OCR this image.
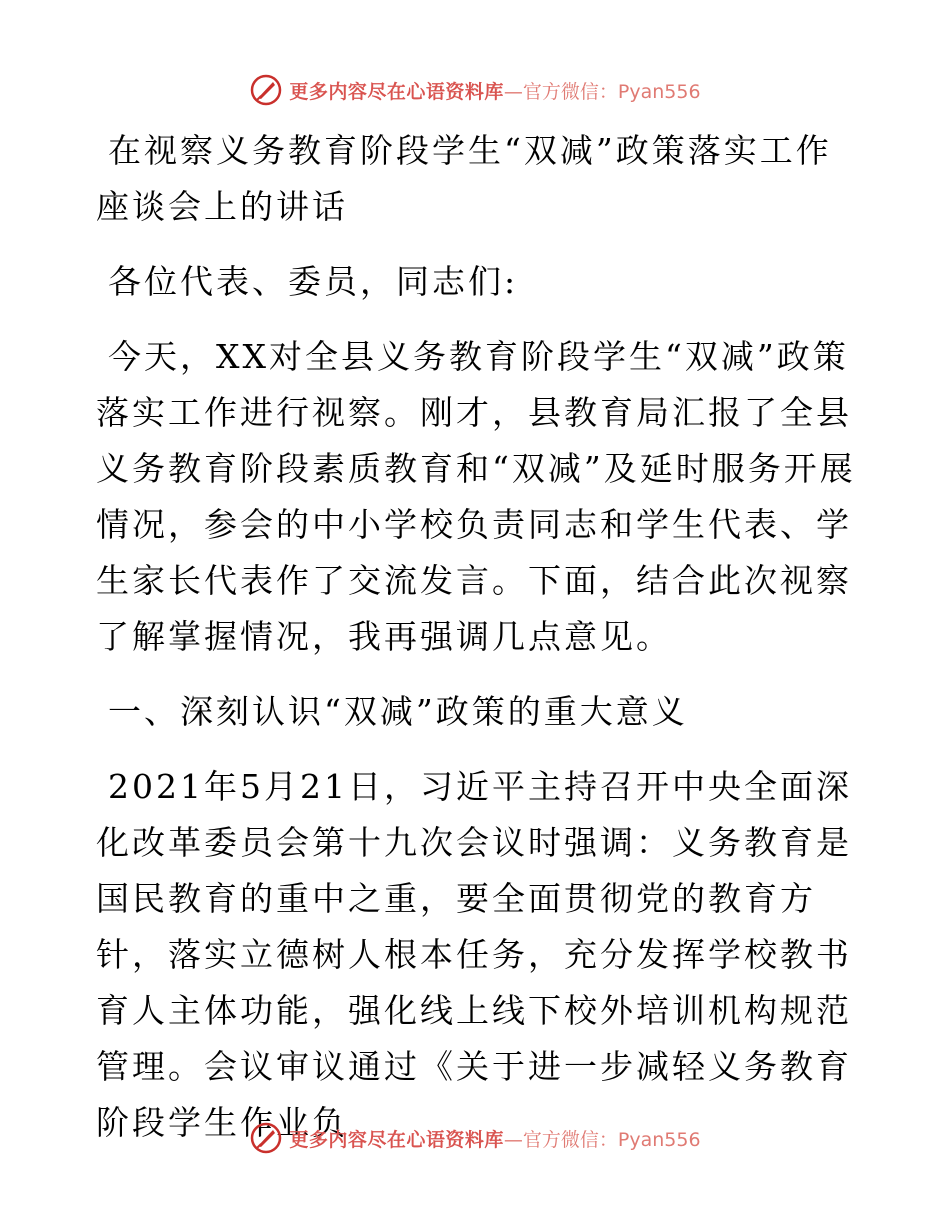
更多内容尽在心语资料库 —官方微信：Pyan556

在视察义务教育阶段学生“双减”政策落实工作座谈会上的讲话

各位代表、委员，同志们:

今天，XX对全县义务教育阶段学生“双减”政策落实工作进行视察。刚才，县教育局汇报了全县义务教育阶段素质教育和“双减”及延时服务开展情况，参会的中小学校负责同志和学生代表、学生家长代表作了交流发言。下面，结合此次视察了解掌握情况，我再强调几点意见。

一、深刻认识“双减”政策的重大意义

2021年5月21日，习近平主持召开中央全面深化改革委员会第十九次会议时强调：义务教育是国民教育的重中之重，要全面贯彻党的教育方针，落实立德树人根本任务，充分发挥学校教书育人主体功能，强化线上线下校外培训机构规范管理。会议审议通过《关于进一步减轻义务教育阶段学生作业负

更多内容尽在心语资料库 —官方微信：Pyan556
